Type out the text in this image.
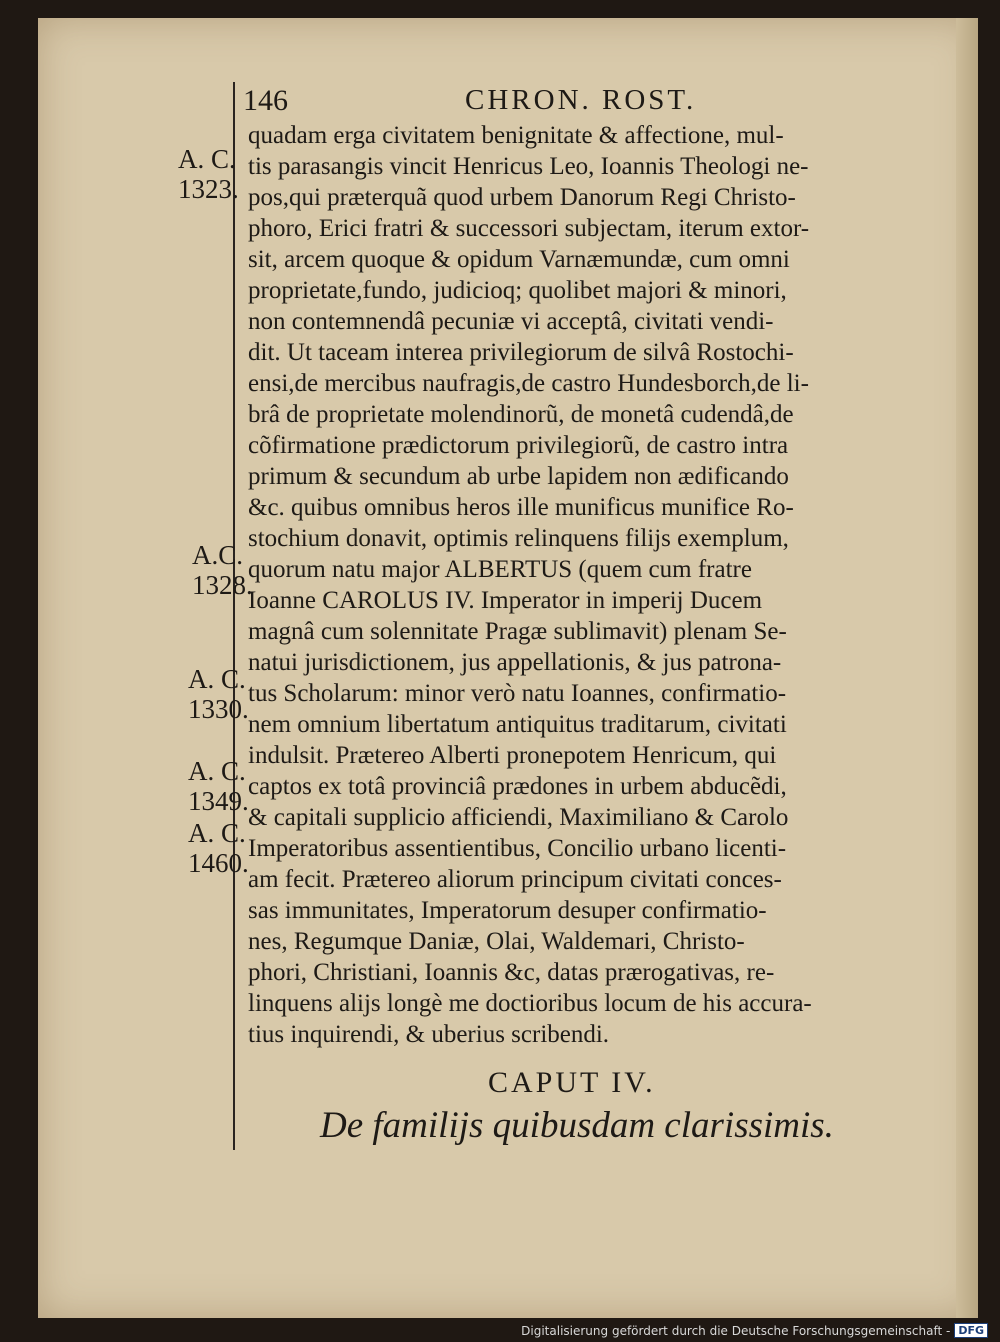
146	CHRON. ROST.
A. C.
1323.
A.C.
1328.
A. C.
1330.
A. C.
1349.
A. C.
1460.
quadam erga civitatem benignitate & affectione, mul-
tis parasangis vincit Henricus Leo, Ioannis Theologi ne-
pos,qui præterquã quod urbem Danorum Regi Christo-
phoro, Erici fratri & successori subjectam, iterum extor-
sit, arcem quoque & opidum Varnæmundæ, cum omni
proprietate,fundo, judicioq; quolibet majori & minori,
non contemnendâ pecuniæ vi acceptâ, civitati vendi-
dit. Ut taceam interea privilegiorum de silvâ Rostochi-
ensi,de mercibus naufragis,de castro Hundesborch,de li-
brâ de proprietate molendinorũ, de monetâ cudendâ,de
cõfirmatione prædictorum privilegiorũ, de castro intra
primum & secundum ab urbe lapidem non ædificando
&c. quibus omnibus heros ille munificus munifice Ro-
stochium donavit, optimis relinquens filijs exemplum,
quorum natu major ALBERTUS (quem cum fratre
Ioanne CAROLUS IV. Imperator in imperij Ducem
magnâ cum solennitate Pragæ sublimavit) plenam Se-
natui jurisdictionem, jus appellationis, & jus patrona-
tus Scholarum: minor verò natu Ioannes, confirmatio-
nem omnium libertatum antiquitus traditarum, civitati
indulsit. Prætereo Alberti pronepotem Henricum, qui
captos ex totâ provinciâ prædones in urbem abducẽdi,
& capitali supplicio afficiendi, Maximiliano & Carolo
Imperatoribus assentientibus, Concilio urbano licenti-
am fecit. Prætereo aliorum principum civitati conces-
sas immunitates, Imperatorum desuper confirmatio-
nes, Regumque Daniæ, Olai, Waldemari, Christo-
phori, Christiani, Ioannis &c, datas prærogativas, re-
linquens alijs longè me doctioribus locum de his accura-
tius inquirendi, & uberius scribendi.
CAPUT IV.
De familijs quibusdam clarissimis.
Digitalisierung gefördert durch die Deutsche Forschungsgemeinschaft - DFG
